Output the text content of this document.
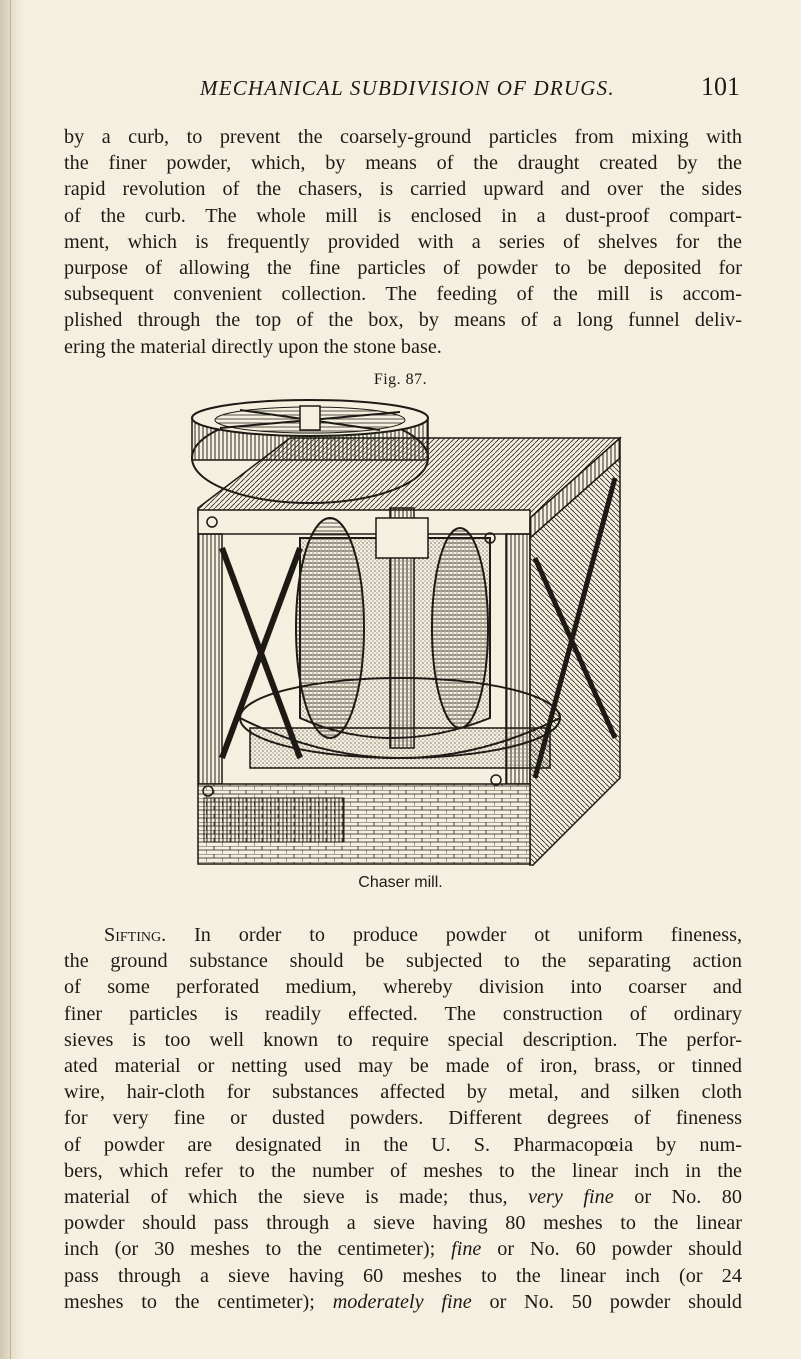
MECHANICAL SUBDIVISION OF DRUGS.	101
by a curb, to prevent the coarsely-ground particles from mixing with
the finer powder, which, by means of the draught created by the
rapid revolution of the chasers, is carried upward and over the sides
of the curb. The whole mill is enclosed in a dust-proof compart-
ment, which is frequently provided with a series of shelves for the
purpose of allowing the fine particles of powder to be deposited for
subsequent convenient collection. The feeding of the mill is accom-
plished through the top of the box, by means of a long funnel deliv-
ering the material directly upon the stone base.
Fig. 87.
Chaser mill.
Sifting. In order to produce powder ot uniform fineness,
the ground substance should be subjected to the separating action
of some perforated medium, whereby division into coarser and
finer particles is readily effected. The construction of ordinary
sieves is too well known to require special description. The perfor-
ated material or netting used may be made of iron, brass, or tinned
wire, hair-cloth for substances affected by metal, and silken cloth
for very fine or dusted powders. Different degrees of fineness
of powder are designated in the U. S. Pharmacopœia by num-
bers, which refer to the number of meshes to the linear inch in the
material of which the sieve is made; thus, very fine or No. 80
powder should pass through a sieve having 80 meshes to the linear
inch (or 30 meshes to the centimeter); fine or No. 60 powder should
pass through a sieve having 60 meshes to the linear inch (or 24
meshes to the centimeter); moderately fine or No. 50 powder should
